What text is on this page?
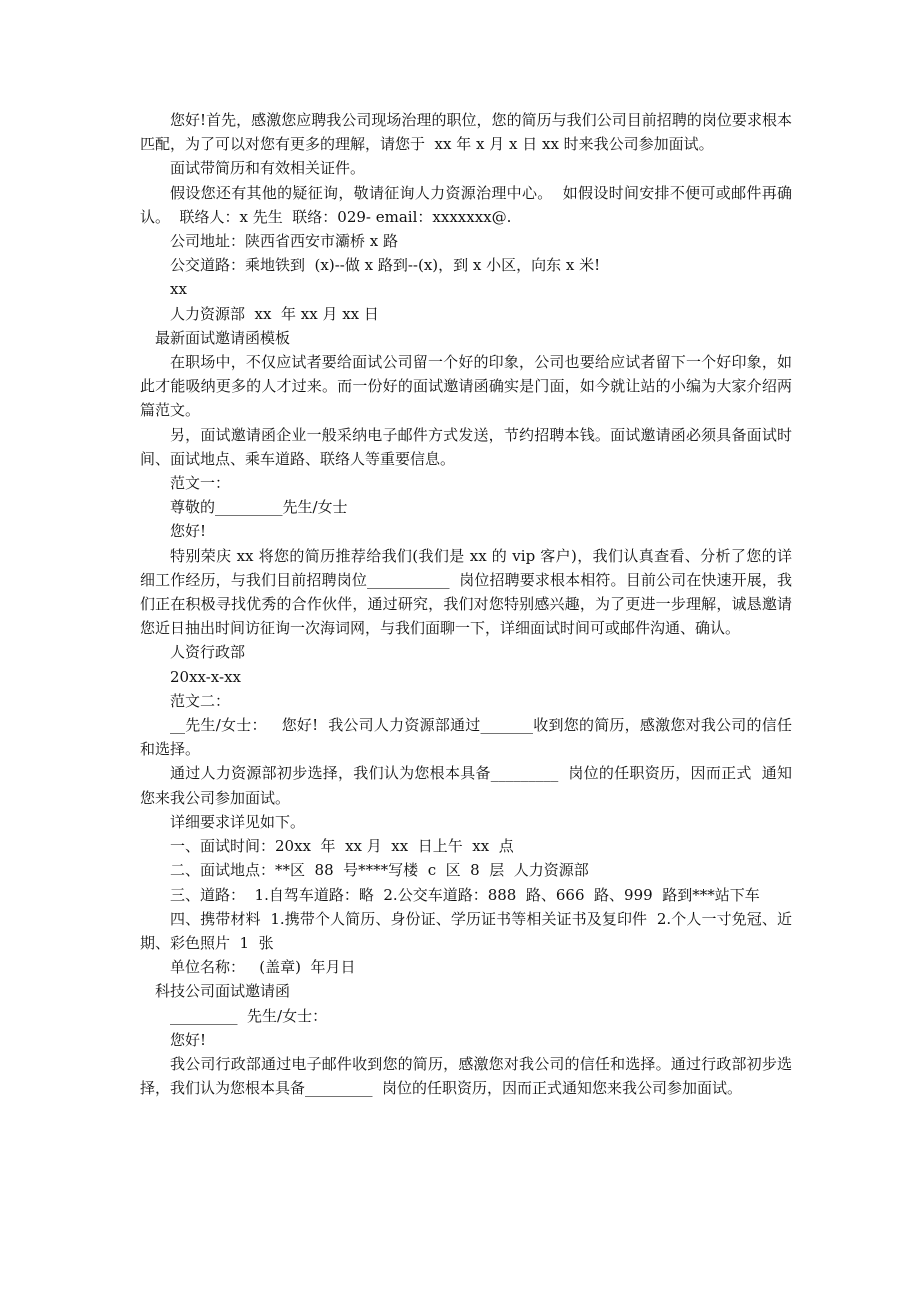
您好!首先，感激您应聘我公司现场治理的职位，您的简历与我们公司目前招聘的岗位要求根本匹配，为了可以对您有更多的理解，请您于  xx 年 x 月 x 日 xx 时来我公司参加面试。

面试带简历和有效相关证件。

假设您还有其他的疑征询，敬请征询人力资源治理中心。  如假设时间安排不便可或邮件再确认。  联络人：x 先生  联络：029- email：xxxxxxx@.

公司地址：陕西省西安市灞桥 x 路

公交道路：乘地铁到  (x)--做 x 路到--(x)，到 x 小区，向东 x 米!

xx

人力资源部  xx  年 xx 月 xx 日

最新面试邀请函模板

在职场中，不仅应试者要给面试公司留一个好的印象，公司也要给应试者留下一个好印象，如此才能吸纳更多的人才过来。而一份好的面试邀请函确实是门面，如今就让站的小编为大家介绍两篇范文。

另，面试邀请函企业一般采纳电子邮件方式发送，节约招聘本钱。面试邀请函必须具备面试时间、面试地点、乘车道路、联络人等重要信息。

范文一：

尊敬的_________先生/女士

您好!

特别荣庆 xx 将您的简历推荐给我们(我们是 xx 的 vip 客户)，我们认真查看、分析了您的详细工作经历，与我们目前招聘岗位___________  岗位招聘要求根本相符。目前公司在快速开展，我们正在积极寻找优秀的合作伙伴，通过研究，我们对您特别感兴趣，为了更进一步理解，诚恳邀请您近日抽出时间访征询一次海词网，与我们面聊一下，详细面试时间可或邮件沟通、确认。

人资行政部

20xx-x-xx

范文二：

__先生/女士：   您好!  我公司人力资源部通过_______收到您的简历，感激您对我公司的信任和选择。

通过人力资源部初步选择，我们认为您根本具备_________  岗位的任职资历，因而正式  通知您来我公司参加面试。

详细要求详见如下。

一、面试时间：20xx  年  xx 月  xx  日上午  xx  点

二、面试地点：**区  88  号****写楼  c  区  8  层  人力资源部

三、道路：  1.自驾车道路：略  2.公交车道路：888  路、666  路、999  路到***站下车

四、携带材料  1.携带个人简历、身份证、学历证书等相关证书及复印件  2.个人一寸免冠、近期、彩色照片  1  张

单位名称：   (盖章)  年月日

科技公司面试邀请函

_________  先生/女士：

您好!

我公司行政部通过电子邮件收到您的简历，感激您对我公司的信任和选择。通过行政部初步选择，我们认为您根本具备_________  岗位的任职资历，因而正式通知您来我公司参加面试。
